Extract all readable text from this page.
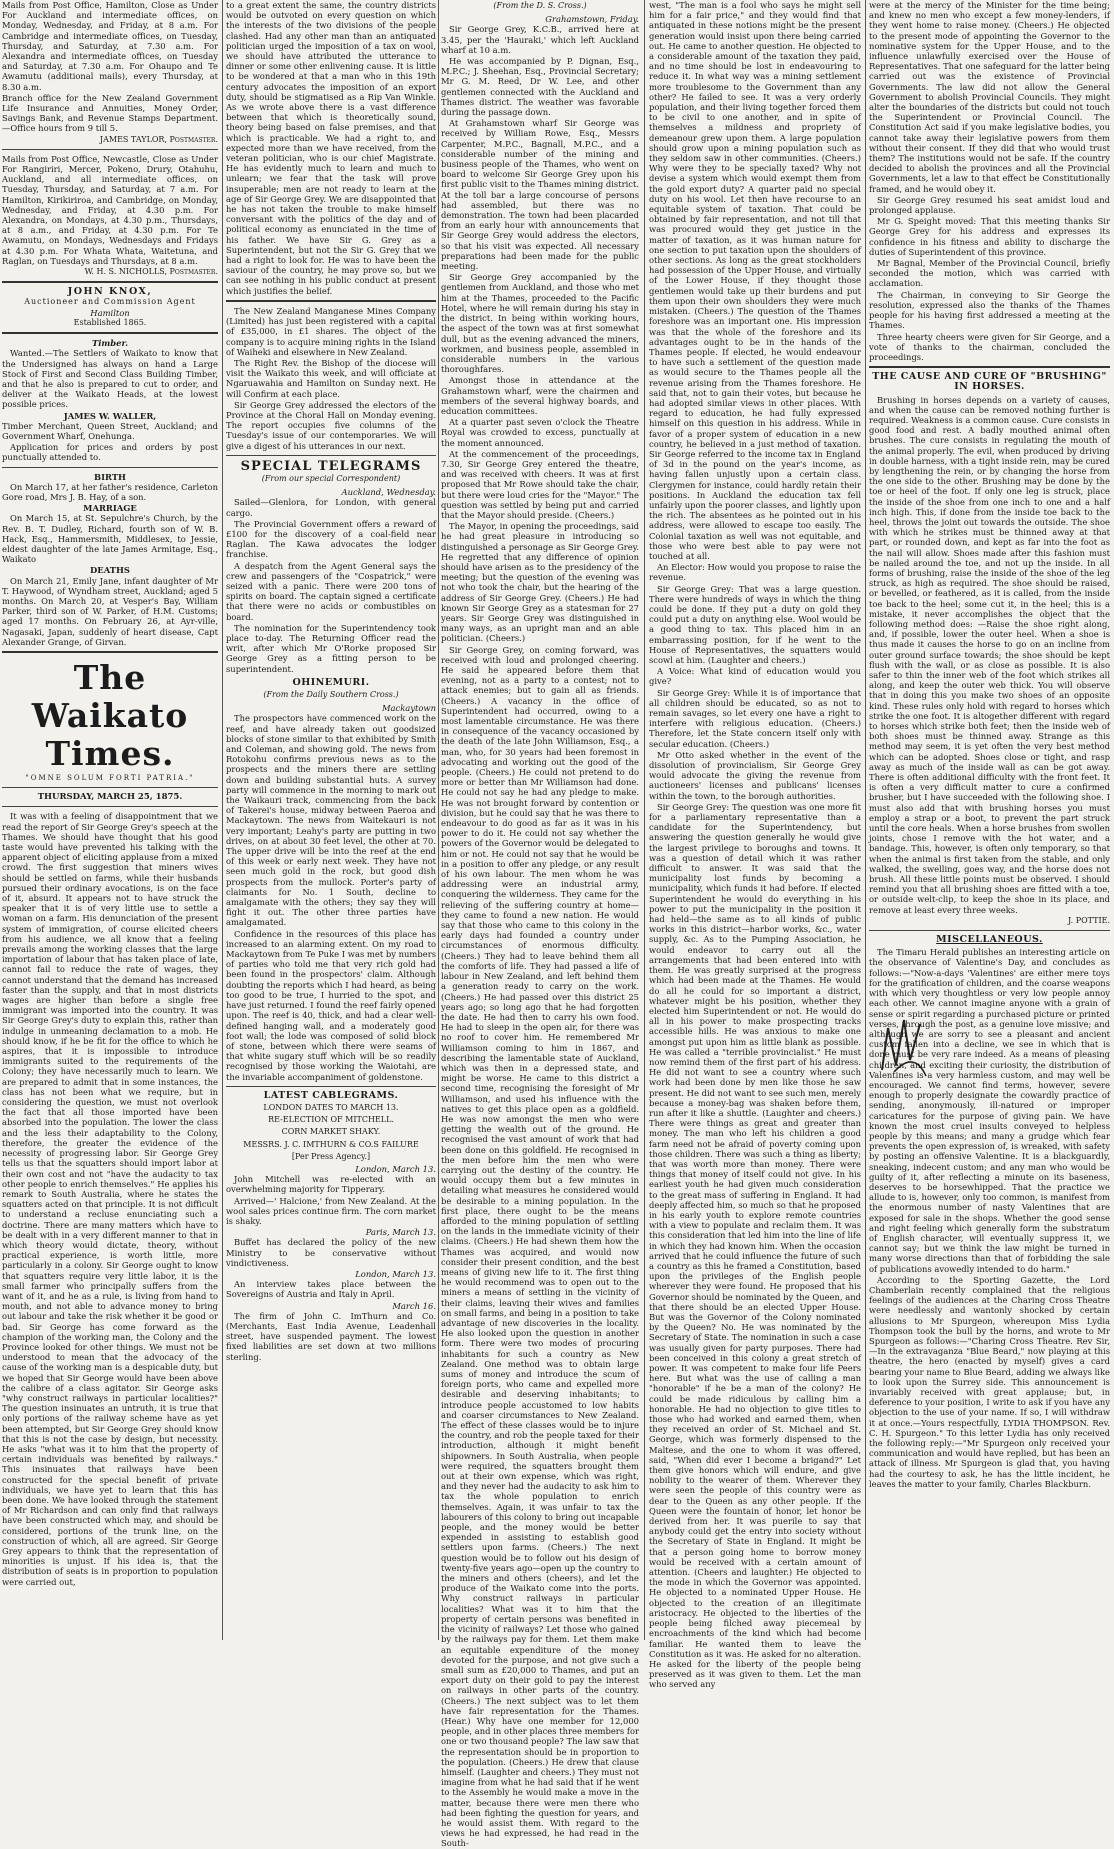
Mails from Post Office, Hamilton, Close as Under For Auckland and intermediate offices, on Monday, Wednesday, and Friday, at 8 a.m. For Cambridge and intermediate offices, on Tuesday, Thursday, and Saturday, at 7.30 a.m. For Alexandra and intermediate offices, on Tuesday and Saturday, at 7.30 a.m. For Ohaupo and Te Awamutu (additional mails), every Thursday, at 8.30 a.m.

Branch office for the New Zealand Government Life Insurance and Annuities, Money Order, Savings Bank, and Revenue Stamps Department.—Office hours from 9 till 5.

JAMES TAYLOR, Postmaster.

Mails from Post Office, Newcastle, Close as Under For Rangiriri, Mercer, Pokeno, Drury, Otahuhu, Auckland, and all intermediate offices, on Tuesday, Thursday, and Saturday, at 7 a.m. For Hamilton, Kirikiriroa, and Cambridge, on Monday, Wednesday, and Friday, at 4.30 p.m. For Alexandra, on Mondays, at 4.30 p.m., Thursdays, at 8 a.m., and Friday, at 4.30 p.m. For Te Awamutu, on Mondays, Wednesdays and Fridays at 4.30 p.m. For Whata Whata, Waitetuna, and Raglan, on Tuesdays and Thursdays, at 8 a.m.

W. H. S. NICHOLLS, Postmaster.
JOHN KNOX,
Auctioneer and Commission Agent
Hamilton
Established 1865.
Timber.

Wanted.—The Settlers of Waikato to know that the Undersigned has always on hand a Large Stock of First and Second Class Building Timber, and that he also is prepared to cut to order, and deliver at the Waikato Heads, at the lowest possible prices.

JAMES W. WALLER,

Timber Merchant, Queen Street, Auckland; and Government Wharf, Onehunga.

Application for prices and orders by post punctually attended to.

BIRTH

On March 17, at her father's residence, Carleton Gore road, Mrs J. B. Hay, of a son.

MARRIAGE

On March 15, at St. Sepulchre's Church, by the Rev. B. T. Dudley, Richard, fourth son of W. B. Hack, Esq., Hammersmith, Middlesex, to Jessie, eldest daughter of the late James Armitage, Esq., Waikato

DEATHS

On March 21, Emily Jane, infant daughter of Mr T. Haywood, of Wyndham street, Auckland; aged 5 months. On March 20, at Vesper's Bay, William Parker, third son of W. Parker, of H.M. Customs; aged 17 months. On February 26, at Ayr-ville, Nagasaki, Japan, suddenly of heart disease, Capt Alexander Grange, of Girvan.

The Waikato Times.
"OMNE SOLUM FORTI PATRIA."
THURSDAY, MARCH 25, 1875.

It was with a feeling of disappointment that we read the report of Sir George Grey's speech at the Thames. We should have thought that his good taste would have prevented his talking with the apparent object of eliciting applause from a mixed crowd. The first suggestion that miners wives should be settled on farms, while their husbands pursued their ordinary avocations, is on the face of it, absurd. It appears not to have struck the speaker that it is of very little use to settle a woman on a farm. His denunciation of the present system of immigration, of course elicited cheers from his audience, we all know that a feeling prevails among the working classes that the large importation of labour that has taken place of late, cannot fail to reduce the rate of wages, they cannot understand that the demand has increased faster than the supply, and that in most districts wages are higher than before a single free immigrant was imported into the country. It was Sir George Grey's duty to explain this, rather than indulge in unmeaning declamation to a mob. He should know, if he be fit for the office to which he aspires, that it is impossible to introduce immigrants suited to the requirements of the Colony; they have necessarily much to learn. We are prepared to admit that in some instances, the class has not been what we require, but in considering the question, we must not overlook the fact that all those imported have been absorbed into the population. The lower the class and the less their adaptability to the Colony, therefore, the greater the evidence of the necessity of progressing labor. Sir George Grey tells us that the squatters should import labor at their own cost and not "have the audacity to tax other people to enrich themselves." He applies his remark to South Australia, where he states the squatters acted on that principle. It is not difficult to understand a recluse enunciating such a doctrine. There are many matters which have to be dealt with in a very different manner to that in which theory would dictate, theory, without practical experience, is worth little, more particularly in a colony. Sir George ought to know that squatters require very little labor, it is the small farmer who principally suffers from the want of it, and he as a rule, is living from hand to mouth, and not able to advance money to bring out labour and take the risk whether it be good or bad. Sir George has come forward as the champion of the working man, the Colony and the Province looked for other things. We must not be understood to mean that the advocacy of the cause of the working man is a despicable duty, but we hoped that Sir George would have been above the calibre of a class agitator. Sir George asks "why construct railways in particular localities?" The question insinuates an untruth, it is true that only portions of the railway scheme have as yet been attempted, but Sir George Grey should know that this is not the case by design, but necessity. He asks "what was it to him that the property of certain individuals was benefited by railways." This insinuates that railways have been constructed for the special benefit of private individuals, we have yet to learn that this has been done. We have looked through the statement of Mr Richardson and can only find that railways have been constructed which may, and should be considered, portions of the trunk line, on the construction of which, all are agreed. Sir George Grey appears to think that the representation of minorities is unjust. If his idea is, that the distribution of seats is in proportion to population were carried out,

to a great extent the same, the country districts would be outvoted on every question on which the interests of the two divisions of the people clashed. Had any other man than an antiquated politician urged the imposition of a tax on wool, we should have attributed the utterance to dinner or some other enlivening cause. It is little to be wondered at that a man who in this 19th century advocates the imposition of an export duty, should be stigmatised as a Rip Van Winkle. As we wrote above there is a vast difference between that which is theoretically sound, theory being based on false premises, and that which is practicable. We had a right to, and expected more than we have received, from the veteran politician, who is our chief Magistrate. He has evidently much to learn and much to unlearn; we fear that the task will prove insuperable; men are not ready to learn at the age of Sir George Grey. We are disappointed that he has not taken the trouble to make himself conversant with the politics of the day and of political economy as enunciated in the time of his father. We have Sir G. Grey as a Superintendent, but not the Sir G. Grey that we had a right to look for. He was to have been the saviour of the country, he may prove so, but we can see nothing in his public conduct at present which justifies the belief.

The New Zealand Manganese Mines Company (Limited) has just been registered with a capital of £35,000, in £1 shares. The object of the company is to acquire mining rights in the Island of Waiheki and elsewhere in New Zealand.

The Right Rev. the Bishop of the diocese will visit the Waikato this week, and will officiate at Ngaruawahia and Hamilton on Sunday next. He will Confirm at each place.

Sir George Grey addressed the electors of the Province at the Choral Hall on Monday evening. The report occupies five columns of the Tuesday's issue of our contemporaries. We will give a digest of his utterances in our next.

SPECIAL TELEGRAMS
(From our special Correspondent)
Auckland, Wednesday.

Sailed—Glenlora, for London, with general cargo.

The Provincial Government offers a reward of £100 for the discovery of a coal-field near Raglan. The Kawa advocates the lodger franchise.

A despatch from the Agent General says the crew and passengers of the "Cospatrick," were seized with a panic. There were 200 tons of spirits on board. The captain signed a certificate that there were no acids or combustibles on board.

The nomination for the Superintendency took place to-day. The Returning Officer read the writ, after which Mr O'Rorke proposed Sir George Grey as a fitting person to be superintendent.

OHINEMURI.
(From the Daily Southern Cross.)
Mackaytown

The prospectors have commenced work on the reef, and have already taken out goodsized blocks of stone similar to that exhibited by Smith and Coleman, and showing gold. The news from Rotokohu confirms previous news as to the prospects and the miners there are settling down and building substantial huts. A survey party will commence in the morning to mark out the Waikauri track, commencing from the back of Takerei's house, midway between Paeroa and Mackaytown. The news from Waitekauri is not very important; Leahy's party are putting in two drives, on at about 30 feet level, the other at 70. The upper drive will be into the reef at the end of this week or early next week. They have not seen much gold in the rock, but good dish prospects from the mullock. Porter's party of claimants for No. 1 South, decline to amalgamate with the others; they say they will fight it out. The other three parties have amalgamated.

Confidence in the resources of this place has increased to an alarming extent. On my road to Mackaytown from Te Puke I was met by numbers of parties who told me that very rich gold had been found in the prospectors' claim. Although doubting the reports which I had heard, as being too good to be true, I hurried to the spot, and have just returned. I found the reef fairly opened upon. The reef is 40, thick, and had a clear well-defined hanging wall, and a moderately good foot wall; the lode was composed of solid block of stone, between which there were seams of that white sugary stuff which will be so readily recognised by those working the Waiotahi, are the invariable accompaniment of goldenstone.

LATEST CABLEGRAMS.
LONDON DATES TO MARCH 13.
RE-ELECTION OF MITCHELL.
CORN MARKET SHAKY.
MESSRS. J. C. IMTHURN & CO.S FAILURE
[Per Press Agency.]
London, March 13.

John Mitchell was re-elected with an overwhelming majority for Tipperary.

Arrived—' Halcione,' from New Zealand. At the wool sales prices continue firm. The corn market is shaky.

Paris, March 13.

Buffet has declared the policy of the new Ministry to be conservative without vindictiveness.

London, March 13.

An interview takes place between the Sovereigns of Austria and Italy in April.

March 16.

The firm of John C. ImThurn and Co. (Merchants, East India Avenue, Leadenhall street, have suspended payment. The lowest fixed liabilities are set down at two millions sterling.

(From the D. S. Cross.)
Grahamstown, Friday.

Sir George Grey, K.C.B., arrived here at 3.45, per the 'Hauraki,' which left Auckland wharf at 10 a.m.

He was accompanied by P. Dignan, Esq., M.P.C.; J. Sheehan, Esq., Provincial Secretary; Mr G. M. Reed, Dr W. Lee, and other gentlemen connected with the Auckland and Thames district. The weather was favorable during the passage down.

At Grahamstown wharf Sir George was received by William Rowe, Esq., Messrs Carpenter, M.P.C., Bagnall, M.P.C., and a considerable number of the mining and business people of the Thames, who went on board to welcome Sir George Grey upon his first public visit to the Thames mining district. At the toll bar a large concourse of persons had assembled, but there was no demonstration. The town had been placarded from an early hour with announcements that Sir George Grey would address the electors, so that his visit was expected. All necessary preparations had been made for the public meeting.

Sir George Grey accompanied by the gentlemen from Auckland, and those who met him at the Thames, proceeded to the Pacific Hotel, where he will remain during his stay in the district. In being within working hours, the aspect of the town was at first somewhat dull, but as the evening advanced the miners, workmen, and business people, assembled in considerable numbers in the various thoroughfares.

Amongst those in attendance at the Grahamstown wharf, were the chairmen and members of the several highway boards, and education committees.

At a quarter past seven o'clock the Theatre Royal was crowded to excess, punctually at the moment announced.

At the commencement of the proceedings, 7.30, Sir George Grey entered the theatre, and was received with cheers. It was at first proposed that Mr Rowe should take the chair, but there were loud cries for the "Mayor." The question was settled by being put and carried that the Mayor should preside. (Cheers.)

The Mayor, in opening the proceedings, said he had great pleasure in introducing so distinguished a personage as Sir George Grey. He regretted that any difference of opinion should have arisen as to the presidency of the meeting; but the question of the evening was not who took the chair, but the hearing of the address of Sir George Grey. (Cheers.) He had known Sir George Grey as a statesman for 27 years. Sir George Grey was distinguished in many ways, as an upright man and an able politician. (Cheers.)

Sir George Grey, on coming forward, was received with loud and prolonged cheering. He said he appeared before them that evening, not as a party to a contest; not to attack enemies; but to gain all as friends. (Cheers.) A vacancy in the office of Superintendent had occurred, owing to a most lamentable circumstance. He was there in consequence of the vacancy occasioned by the death of the late John Williamson, Esq., a man, who, for 30 years had been foremost in advocating and working out the good of the people. (Cheers.) He could not pretend to do more or better than Mr Williamson had done. He could not say he had any pledge to make. He was not brought forward by contention or division, but he could say that he was there to endeavour to do good as far as it was in his power to do it. He could not say whether the powers of the Governor would be delegated to him or not. He could not say that he would be in a position to offer any pledge, or any result of his own labour. The men whom he was addressing were an industrial army, conquering the wilderness. They came for the relieving of the suffering country at home—they came to found a new nation. He would say that those who came to this colony in the early days had founded a country under circumstances of enormous difficulty. (Cheers.) They had to leave behind them all the comforts of life. They had passed a life of labour in New Zealand, and left behind them a generation ready to carry on the work. (Cheers.) He had passed over this district 25 years ago; so long ago that he had forgotten the date. He had then to carry his own food. He had to sleep in the open air, for there was no roof to cover him. He remembered Mr Williamson coming to him in 1867, and describing the lamentable state of Auckland, which was then in a depressed state, and might be worse. He came to this district a second time, recognising the foresight of Mr Williamson, and used his influence with the natives to get this place open as a goldfield. He was now amongst the men who were getting the wealth out of the ground. He recognised the vast amount of work that had been done on this goldfield. He recognised in the men before him the men who were carrying out the destiny of the country. He would occupy them but a few minutes in detailing what measures he considered would be desirable to a mining population. In the first place, there ought to be the means afforded to the mining population of settling on the lands in the immediate vicinity of their claims. (Cheers.) He had shewn them how the Thames was acquired, and would now consider their present condition, and the best means of giving new life to it. The first thing he would recommend was to open out to the miners a means of settling in the vicinity of their claims, leaving their wives and families on small farms, and being in a position to take advantage of new discoveries in the locality. He also looked upon the question in another form. There were two modes of procuring inhabitants for such a country as New Zealand. One method was to obtain large sums of money and introduce the scum of foreign ports, who came and expelled more desirable and deserving inhabitants; to introduce people accustomed to low habits and coarser circumstances to New Zealand. The effect of these classes would be to injure the country, and rob the people taxed for their introduction, although it might benefit shipowners. In South Australia, when people were required, the squatters brought them out at their own expense, which was right, and they never had the audacity to ask him to tax the whole population to enrich themselves. Again, it was unfair to tax the labourers of this colony to bring out incapable people, and the money would be better expended in assisting to establish good settlers upon farms. (Cheers.) The next question would be to follow out his design of twenty-five years ago—open up the country to the miners and others (cheers), and let the produce of the Waikato come into the ports. Why construct railways in particular localities? What was it to him that the property of certain persons was benefited in the vicinity of railways? Let those who gained by the railways pay for them. Let them make an equitable expenditure of the money devoted for the purpose, and not give such a small sum as £20,000 to Thames, and put an export duty on their gold to pay the interest on railways in other parts of the country. (Cheers.) The next subject was to let them have fair representation for the Thames. (Hear.) Why have one member for 12,000 people, and in other places three members for one or two thousand people? The law saw that the representation should be in proportion to the population. (Cheers.) He drew that clause himself. (Laughter and cheers.) They must not imagine from what he had said that if he went to the Assembly he would make a move in the matter, because there were men there who had been fighting the question for years, and he would assist them. With regard to the views he had expressed, he had read in the South-

west, "The man is a fool who says he might sell him for a fair price," and they would find that antiquated in these notions might be the present generation would insist upon there being carried out. He came to another question. He objected to a considerable amount of the taxation they paid, and no time should be lost in endeavouring to reduce it. In what way was a mining settlement more troublesome to the Government than any other? He failed to see. It was a very orderly population, and their living together forced them to be civil to one another, and in spite of themselves a mildness and propriety of demeanour grew upon them. A large population should grow upon a mining population such as they seldom saw in other communities. (Cheers.) Why were they to be specially taxed? Why not devise a system which would exempt them from the gold export duty? A quarter paid no special duty on his wool. Let then have recourse to an equitable system of taxation. That could be obtained by fair representation, and not till that was procured would they get justice in the matter of taxation, as it was human nature for one section to put taxation upon the shoulders of other sections. As long as the great stockholders had possession of the Upper House, and virtually of the Lower House, if they thought those gentlemen would take up their burdens and put them upon their own shoulders they were much mistaken. (Cheers.) The question of the Thames foreshore was an important one. His impression was that the whole of the foreshore and its advantages ought to be in the hands of the Thames people. If elected, he would endeavour to have such a settlement of the question made as would secure to the Thames people all the revenue arising from the Thames foreshore. He said that, not to gain their votes, but because he had adopted similar views in other places. With regard to education, he had fully expressed himself on this question in his address. While in favor of a proper system of education in a new country, he believed in a just method of taxation. Sir George referred to the income tax in England of 3d in the pound on the year's income, as having fallen unjustly upon a certain class. Clergymen for instance, could hardly retain their positions. In Auckland the education tax fell unfairly upon the poorer classes, and lightly upon the rich. The absentees as he pointed out in his address, were allowed to escape too easily. The Colonial taxation as well was not equitable, and those who were best able to pay were not touched at all.

An Elector: How would you propose to raise the revenue.

Sir George Grey: That was a large question. There were hundreds of ways in which the thing could be done. If they put a duty on gold they could put a duty on anything else. Wool would be a good thing to tax. This placed him in an embarrassing position, for if he went to the House of Representatives, the squatters would scowl at him. (Laughter and cheers.)

A Voice: What kind of education would you give?

Sir George Grey: While it is of importance that all children should be educated, so as not to remain savages, so let every one have a right to interfere with religious education. (Cheers.) Therefore, let the State concern itself only with secular education. (Cheers.)

Mr Otto asked whether in the event of the dissolution of provincialism, Sir George Grey would advocate the giving the revenue from auctioneers' licenses and publicans' licenses within the town, to the borough authorities.

Sir George Grey: The question was one more fit for a parliamentary representative than a candidate for the Superintendency, but answering the question generally he would give the largest privilege to boroughs and towns. It was a question of detail which it was rather difficult to answer. It was said that the municipality lost funds by becoming a municipality, which funds it had before. If elected Superintendent he would do everything in his power to put the municipality in the position it had held—the same as to all kinds of public works in this district—harbor works, &c., water supply, &c. As to the Pumping Association, he would endeavor to carry out all the arrangements that had been entered into with them. He was greatly surprised at the progress which had been made at the Thames. He would do all he could for so important a district, whatever might be his position, whether they elected him Superintendent or not. He would do all in his power to make prospecting tracks accessible hills. He was anxious to make one amongst put upon him as little blank as possible. He was called a "terrible provincialist." He must now remind them of the first part of his address. He did not want to see a country where such work had been done by men like those he saw present. He did not want to see such men, merely because a money-bag was shaken before them, run after it like a shuttle. (Laughter and cheers.) There were things as great and greater than money. The man who left his children a good farm need not be afraid of poverty coming upon those children. There was such a thing as liberty; that was worth more than money. There were things that money of itself could not give. In his earliest youth he had given much consideration to the great mass of suffering in England. It had deeply affected him, so much so that he proposed in his early youth to explore remote countries with a view to populate and reclaim them. It was this consideration that led him into the line of life in which they had known him. When the occasion arrived that he could influence the future of such a country as this he framed a Constitution, based upon the privileges of the English people wherever they were found. He proposed that his Governor should be nominated by the Queen, and that there should be an elected Upper House. But was the Governor of the Colony nominated by the Queen? No. He was nominated by the Secretary of State. The nomination in such a case was usually given for party purposes. There had been conceived in this colony a great stretch of power. It was competent to make four life Peers here. But what was the use of calling a man "honorable" if he be a man of the colony? He could be made ridiculous by calling him a honorable. He had no objection to give titles to those who had worked and earned them, when they received an order of St. Michael and St. George, which was formerly dispensed to the Maltese, and the one to whom it was offered, said, "When did ever I become a brigand?" Let them give honors which will endure, and give nobility to the wearer of them. Wherever they were seen the people of this country were as dear to the Queen as any other people. If the Queen were the fountain of honor, let honor be derived from her. It was puerile to say that anybody could get the entry into society without the Secretary of State in England. It might be that a person going home to borrow money would be received with a certain amount of attention. (Cheers and laughter.) He objected to the mode in which the Governor was appointed. He objected to a nominated Upper House. He objected to the creation of an illegitimate aristocracy. He objected to the liberties of the people being filched away piecemeal by encroachments of the kind which had become familiar. He wanted them to leave the Constitution as it was. He asked for no alteration. He asked for the liberty of the people being preserved as it was given to them. Let the man who served any

were at the mercy of the Minister for the time being; and knew no men who except a few money-lenders, if they went home to raise money. (Cheers.) He objected to the present mode of appointing the Governor to the nominative system for the Upper House, and to the influence unlawfully exercised over the House of Representatives. That one safeguard for the latter being carried out was the existence of Provincial Governments. The law did not allow the General Government to abolish Provincial Councils. They might alter the boundaries of the districts but could not touch the Superintendent or Provincial Council. The Constitution Act said if you make legislative bodies, you cannot take away their legislative powers from them without their consent. If they did that who would trust them? The institutions would not be safe. If the country decided to abolish the provinces and all the Provincial Governments, let a law to that effect be Constitutionally framed, and he would obey it.

Sir George Grey resumed his seat amidst loud and prolonged applause.

Mr G. Speight moved: That this meeting thanks Sir George Grey for his address and expresses its confidence in his fitness and ability to discharge the duties of Superintendent of this province.

Mr Bagnal, Member of the Provincial Council, briefly seconded the motion, which was carried with acclamation.

The Chairman, in conveying to Sir George the resolution, expressed also the thanks of the Thames people for his having first addressed a meeting at the Thames.

Three hearty cheers were given for Sir George, and a vote of thanks to the chairman, concluded the proceedings.

THE CAUSE AND CURE OF "BRUSHING" IN HORSES.

Brushing in horses depends on a variety of causes, and when the cause can be removed nothing further is required. Weakness is a common cause. Cure consists in good food and rest. A badly mouthed animal often brushes. The cure consists in regulating the mouth of the animal properly. The evil, when produced by driving in double harness, with a tight inside rein, may be cured by lengthening the rein, or by changing the horse from the one side to the other. Brushing may be done by the toe or heel of the foot. If only one leg is struck, place the inside of the shoe from one inch to one and a half inch high. This, if done from the inside toe back to the heel, throws the joint out towards the outside. The shoe with which he strikes must be thinned away at that part, or rounded down, and kept as far into the foot as the nail will allow. Shoes made after this fashion must be nailed around the toe, and not up the inside. In all forms of brushing, raise the inside of the shoe of the leg struck, as high as required. The shoe should be raised, or bevelled, or feathered, as it is called, from the inside toe back to the heel; some cut it, in the heel; this is a mistake, it never accomplishes the object that the following method does: —Raise the shoe right along, and, if possible, lower the outer heel. When a shoe is thus made it causes the horse to go on an incline from outer ground surface towards; the shoe should be kept flush with the wall, or as close as possible. It is also safer to thin the inner web of the foot which strikes all along, and keep the outer web thick. You will observe that in doing this you make two shoes of an opposite kind. These rules only hold with regard to horses which strike the one foot. It is altogether different with regard to horses which strike both feet; then the inside web of both shoes must be thinned away. Strange as this method may seem, it is yet often the very best method which can be adopted. Shoes close or tight, and rasp away as much of the inside wall as can be got away. There is often additional difficulty with the front feet. It is often a very difficult matter to cure a confirmed brusher, but I have succeeded with the following shoe. I must also add that with brushing horses you must employ a strap or a boot, to prevent the part struck until the core heals. When a horse brushes from swollen joints, chose I remove with the hot water, and a bandage. This, however, is often only temporary, so that when the animal is first taken from the stable, and only walked, the swelling, goes way, and the horse does not brush. All these little points must be observed. I should remind you that all brushing shoes are fitted with a toe, or outside welt-clip, to keep the shoe in its place, and remove at least every three weeks.

J. POTTIE.
MISCELLANEOUS.

The Timaru Herald publishes an interesting article on the observance of Valentine's Day, and concludes as follows:—"Now-a-days 'Valentines' are either mere toys for the gratification of children, and the coarse weapons with which very thoughtless or very low people annoy each other. We cannot imagine anyone with a grain of sense or spirit regarding a purchased picture or printed verses, through the post, as a genuine love missive; and although we are sorry to see a pleasant and ancient custom fallen into a decline, we see in which that is done must be very rare indeed. As a means of pleasing children, and exciting their curiosity, the distribution of Valentines is a very harmless custom, and may well be encouraged. We cannot find terms, however, severe enough to properly designate the cowardly practice of sending, anonymously, ill-natured or improper caricatures for the purpose of giving pain. We have known the most cruel insults conveyed to helpless people by this means; and many a grudge which fear prevents the open expression of, is wreaked, with safety by posting an offensive Valentine. It is a blackguardly, sneaking, indecent custom; and any man who would be guilty of it, after reflecting a minute on its baseness, deserves to be horsewhipped. That the practice we allude to is, however, only too common, is manifest from the enormous number of nasty Valentines that are exposed for sale in the shops. Whether the good sense and right feeling which generally form the substratum of English character, will eventually suppress it, we cannot say; but we think the law might be turned in many worse directions than that of forbidding the sale of publications avowedly intended to do harm."

According to the Sporting Gazette, the Lord Chamberlain recently complained that the religious feelings of the audiences at the Charing Cross Theatre were needlessly and wantonly shocked by certain allusions to Mr Spurgeon, whereupon Miss Lydia Thompson took the bull by the horns, and wrote to Mr Spurgeon as follows:—"Charing Cross Theatre. Rev Sir,—In the extravaganza "Blue Beard," now playing at this theatre, the hero (enacted by myself) gives a card bearing your name to Blue Beard, adding we always like to look upon the Surrey side. This announcement is invariably received with great applause; but, in deference to your position, I write to ask if you have any objection to the use of your name. If so, I will withdraw it at once.—Yours respectfully, LYDIA THOMPSON. Rev. C. H. Spurgeon." To this letter Lydia has only received the following reply:—"Mr Spurgeon only received your communication and would have replied, but has been an attack of illness. Mr Spurgeon is glad that, you having had the courtesy to ask, he has the little incident, he leaves the matter to your family, Charles Blackburn.
